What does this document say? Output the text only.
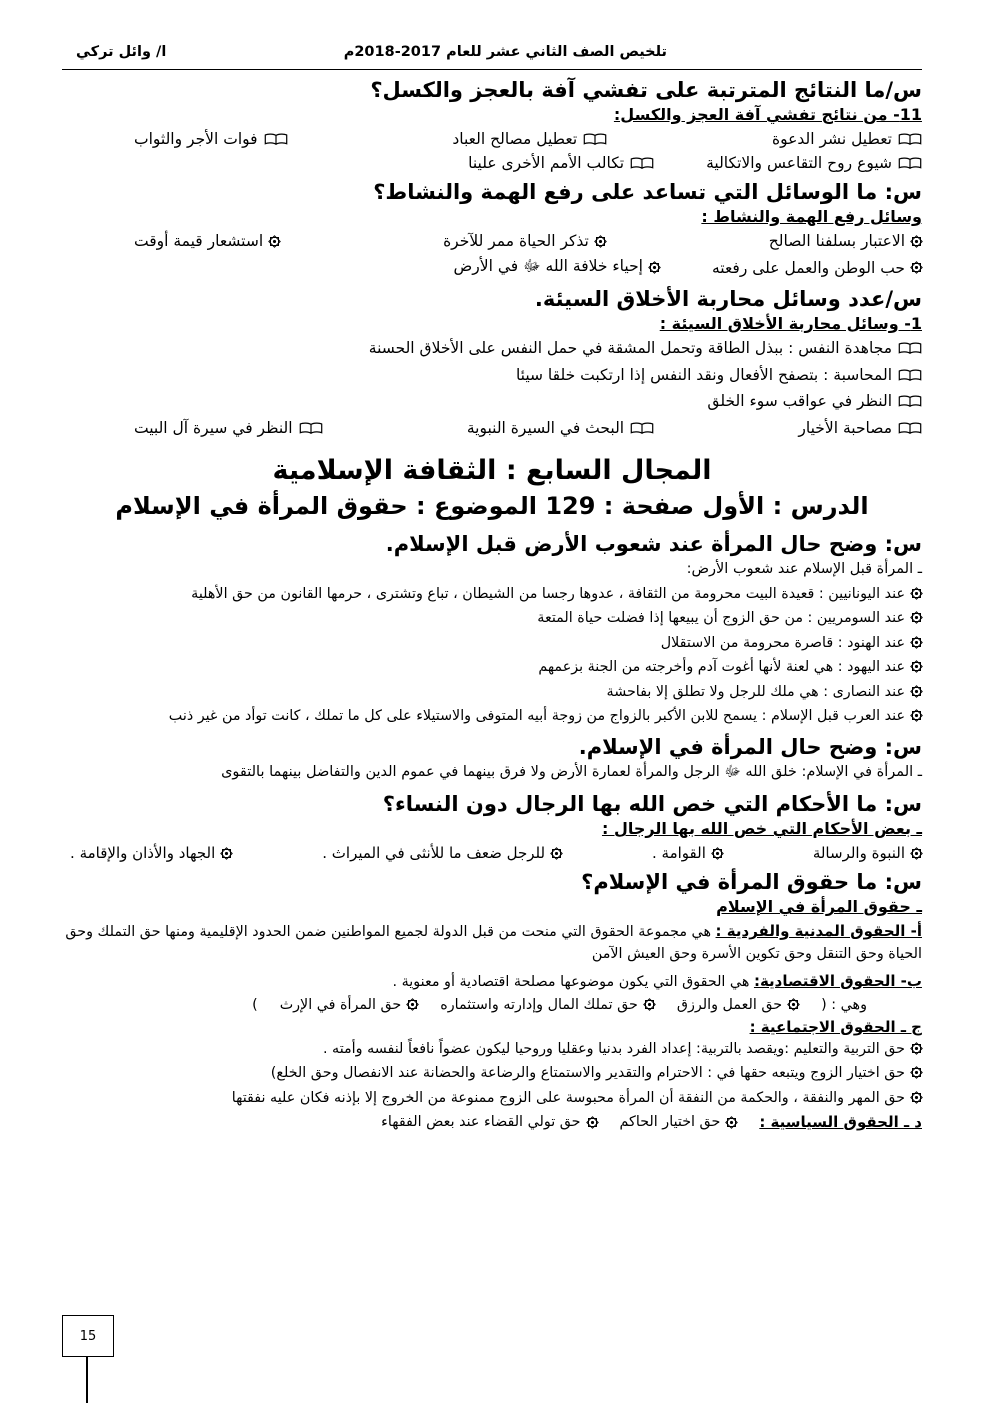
تلخيص الصف الثاني عشر للعام 2017-2018م
ا/ وائل تركي
س/ما النتائج المترتبة على تفشي آفة بالعجز والكسل؟
11- من نتائج تفشي آفة العجز والكسل:
تعطيل نشر الدعوة
تعطيل مصالح العباد
فوات الأجر والثواب
شيوع روح التقاعس والاتكالية
تكالب الأمم الأخرى علينا
س: ما الوسائل التي تساعد على رفع الهمة والنشاط؟
وسائل رفع الهمة والنشاط :
الاعتبار بسلفنا الصالح
تذكر الحياة ممر للآخرة
استشعار قيمة أوقت
حب الوطن والعمل على رفعته
إحياء خلافة الله ﷻ في الأرض
س/عدد وسائل محاربة الأخلاق السيئة.
1- وسائل محاربة الأخلاق السيئة :

مجاهدة النفس : ببذل الطاقة وتحمل المشقة في حمل النفس على الأخلاق الحسنة

المحاسبة : بتصفح الأفعال ونقد النفس إذا ارتكبت خلقا سيئا

النظر في عواقب سوء الخلق

مصاحبة الأخيار
البحث في السيرة النبوية
النظر في سيرة آل البيت
المجال السابع : الثقافة الإسلامية
الدرس : الأول صفحة : 129 الموضوع : حقوق المرأة في الإسلام
س: وضح حال المرأة عند شعوب الأرض قبل الإسلام.

ـ المرأة قبل الإسلام عند شعوب الأرض:

عند اليونانيين : قعيدة البيت محرومة من الثقافة ، عدوها رجسا من الشيطان ، تباع وتشترى ، حرمها القانون من حق الأهلية

عند السومريين : من حق الزوج أن يبيعها إذا فضلت حياة المتعة

عند الهنود : قاصرة محرومة من الاستقلال

عند اليهود : هي لعنة لأنها أغوت آدم وأخرجته من الجنة بزعمهم

عند النصارى : هي ملك للرجل ولا تطلق إلا بفاحشة

عند العرب قبل الإسلام : يسمح للابن الأكبر بالزواج من زوجة أبيه المتوفى والاستيلاء على كل ما تملك ، كانت توأد من غير ذنب

س: وضح حال المرأة في الإسلام.

ـ المرأة في الإسلام: خلق الله ﷻ الرجل والمرأة لعمارة الأرض ولا فرق بينهما في عموم الدين والتفاضل بينهما بالتقوى

س: ما الأحكام التي خص الله بها الرجال دون النساء؟
ـ بعض الأحكام التي خص الله بها الرجال :
النبوة والرسالة
القوامة .
للرجل ضعف ما للأنثى في الميراث .
الجهاد والأذان والإقامة .
س: ما حقوق المرأة في الإسلام؟
ـ حقوق المرأة في الإسلام

أ- الحقوق المدنية والفردية : هي مجموعة الحقوق التي منحت من قبل الدولة لجميع المواطنين ضمن الحدود الإقليمية ومنها حق التملك وحق الحياة وحق التنقل وحق تكوين الأسرة وحق العيش الآمن

ب- الحقوق الاقتصادية: هي الحقوق التي يكون موضوعها مصلحة اقتصادية أو معنوية .

وهي : (
حق العمل والرزق
حق تملك المال وإدارته واستثماره
حق المرأة في الإرث
)
ج ـ الحقوق الاجتماعية :

حق التربية والتعليم :ويقصد بالتربية: إعداد الفرد بدنيا وعقليا وروحيا ليكون عضواً نافعاً لنفسه وأمته .

حق اختيار الزوج ويتبعه حقها في : الاحترام والتقدير والاستمتاع والرضاعة والحضانة عند الانفصال وحق الخلع)

حق المهر والنفقة ، والحكمة من النفقة أن المرأة محبوسة على الزوج ممنوعة من الخروج إلا بإذنه فكان عليه نفقتها

د ـ الحقوق السياسية :
حق اختيار الحاكم
حق تولي القضاء عند بعض الفقهاء
15
